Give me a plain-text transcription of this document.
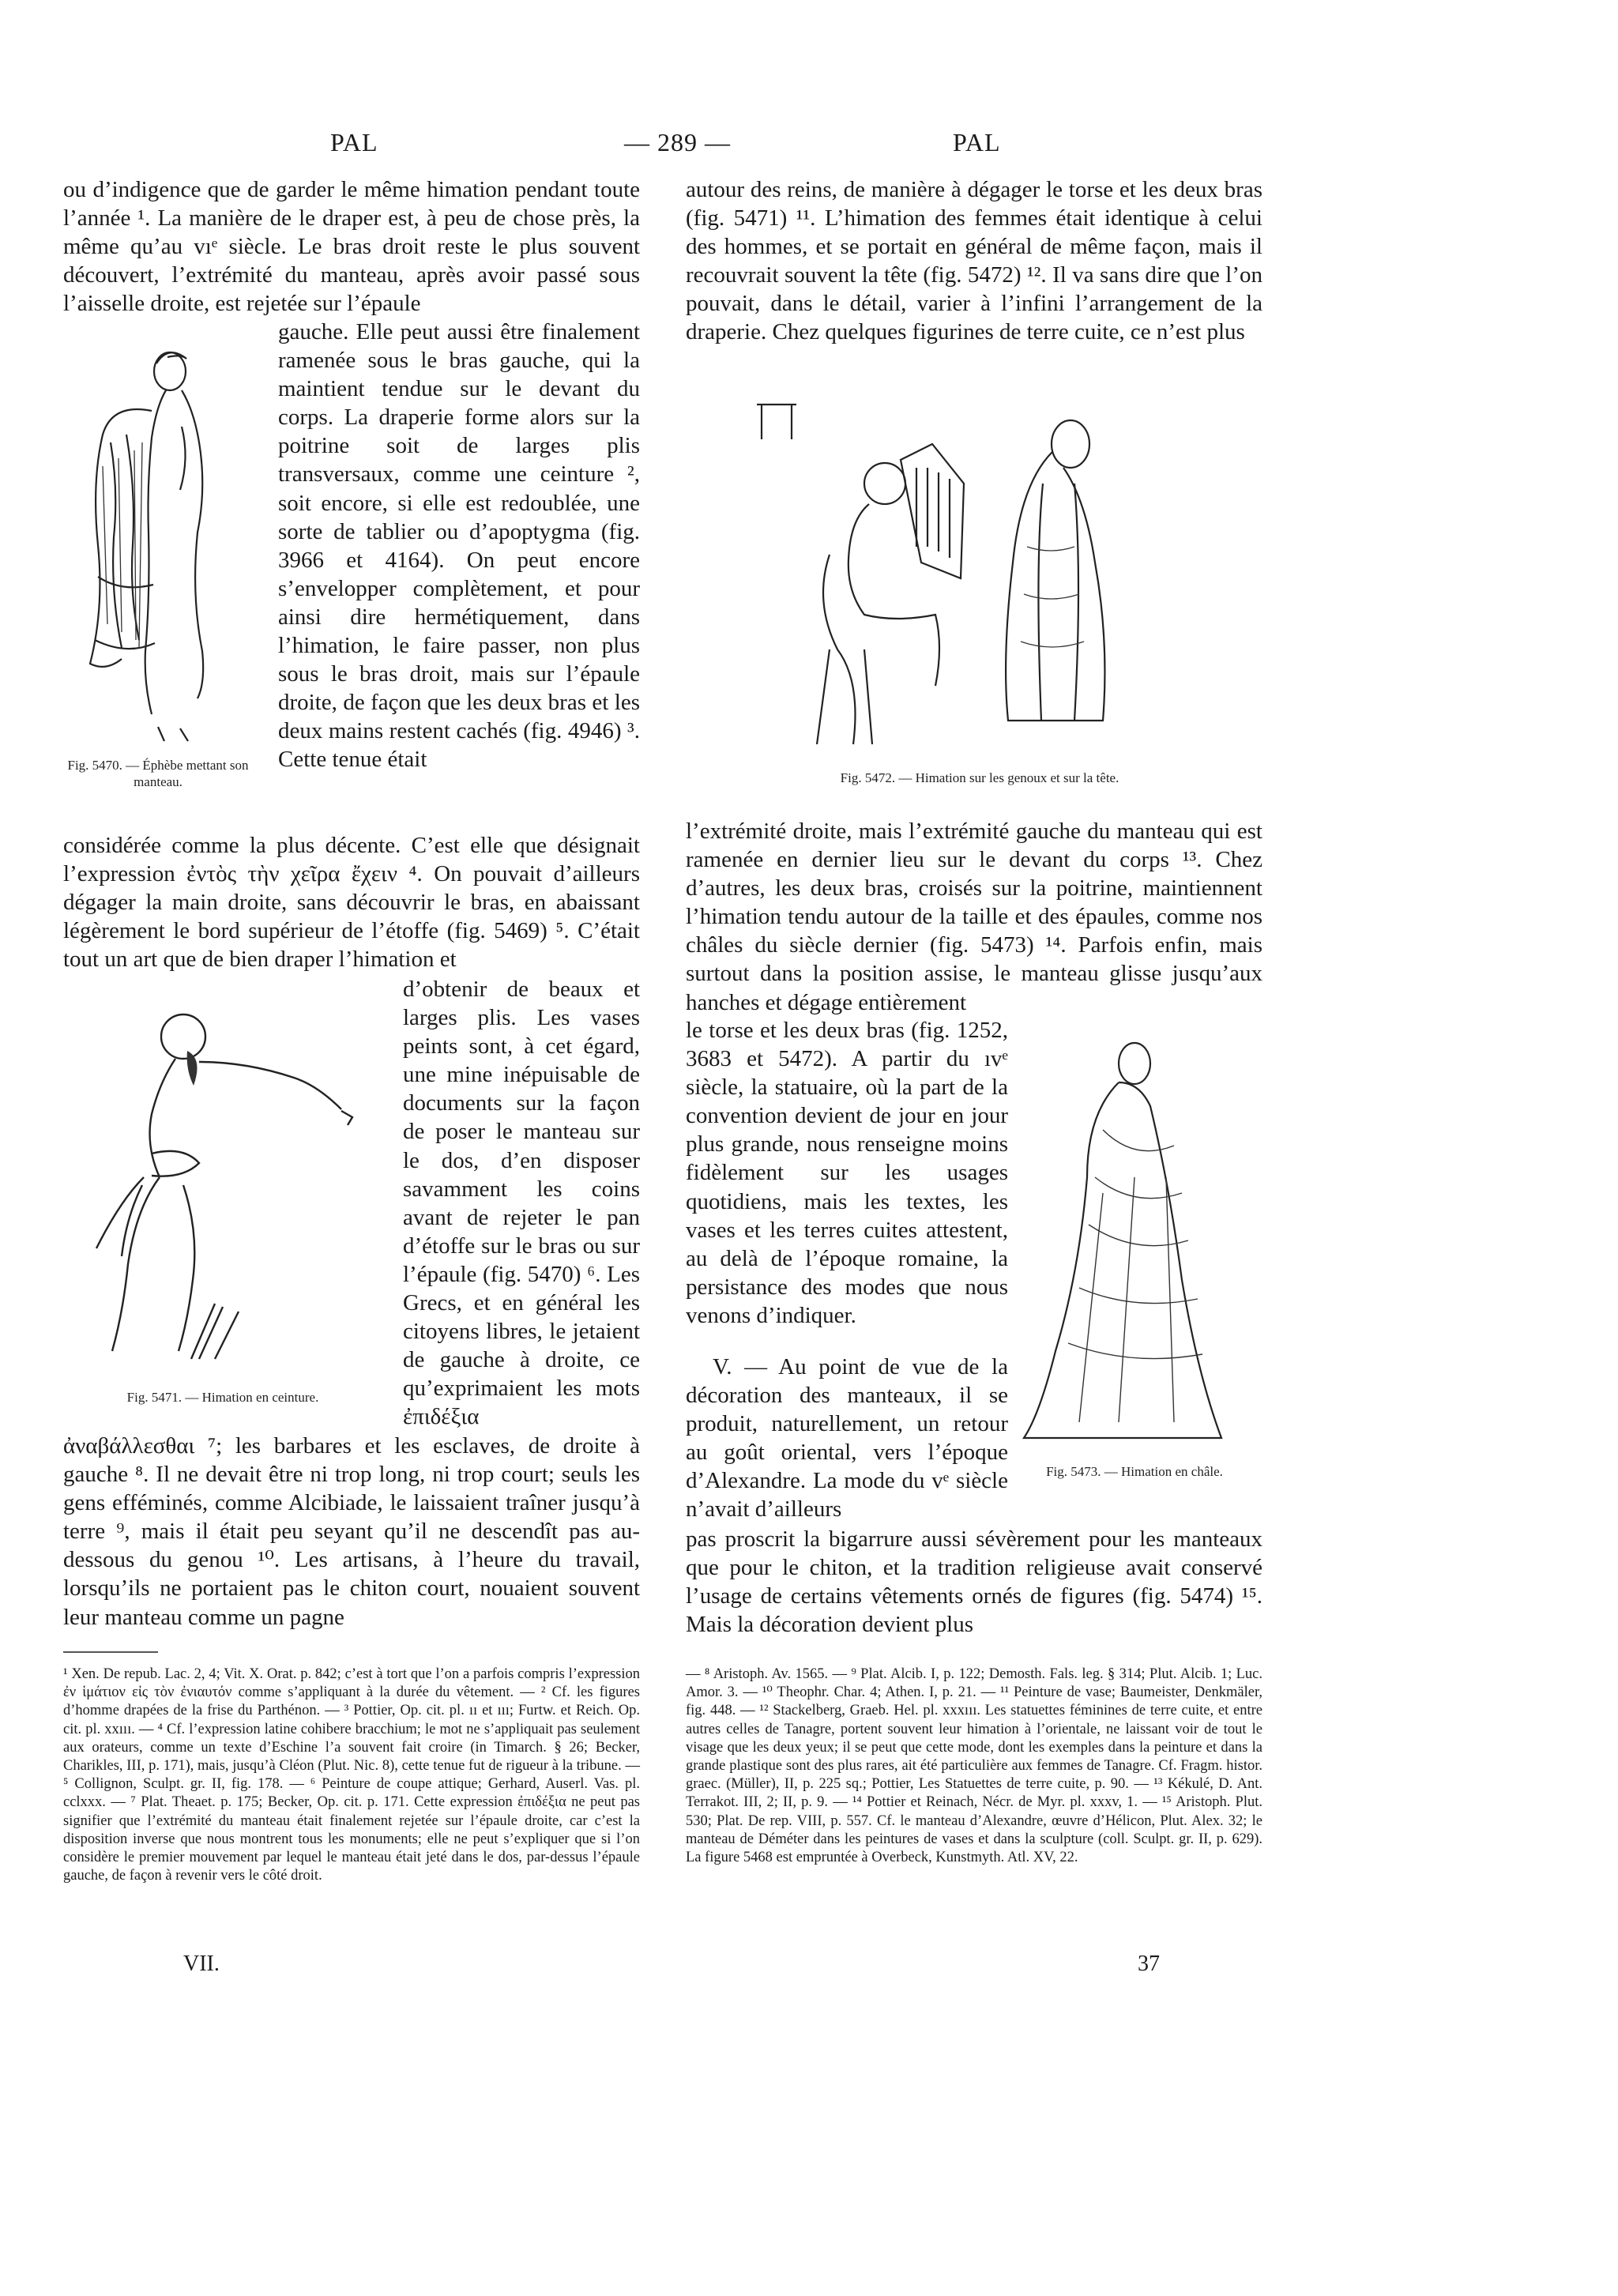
PAL	— 289 —	PAL
ou d’indigence que de garder le même himation pendant toute l’année ¹. La manière de le draper est, à peu de chose près, la même qu’au vıᵉ siècle. Le bras droit reste le plus souvent découvert, l’extrémité du manteau, après avoir passé sous l’aisselle droite, est rejetée sur l’épaule
Fig. 5470. — Éphèbe mettant son manteau.
gauche. Elle peut aussi être finalement ramenée sous le bras gauche, qui la maintient tendue sur le devant du corps. La draperie forme alors sur la poitrine soit de larges plis transversaux, comme une ceinture ², soit encore, si elle est redoublée, une sorte de tablier ou d’apoptygma (fig. 3966 et 4164). On peut encore s’envelopper complètement, et pour ainsi dire hermétiquement, dans l’himation, le faire passer, non plus sous le bras droit, mais sur l’épaule droite, de façon que les deux bras et les deux mains restent cachés (fig. 4946) ³. Cette tenue était
considérée comme la plus décente. C’est elle que désignait l’expression ἐντὸς τὴν χεῖρα ἔχειν ⁴. On pouvait d’ailleurs dégager la main droite, sans découvrir le bras, en abaissant légèrement le bord supérieur de l’étoffe (fig. 5469) ⁵. C’était tout un art que de bien draper l’himation et
Fig. 5471. — Himation en ceinture.
d’obtenir de beaux et larges plis. Les vases peints sont, à cet égard, une mine inépuisable de documents sur la façon de poser le manteau sur le dos, d’en disposer savamment les coins avant de rejeter le pan d’étoffe sur le bras ou sur l’épaule (fig. 5470) ⁶. Les Grecs, et en général les citoyens libres, le jetaient de gauche à droite, ce qu’exprimaient les mots ἐπιδέξια
ἀναβάλλεσθαι ⁷; les barbares et les esclaves, de droite à gauche ⁸. Il ne devait être ni trop long, ni trop court; seuls les gens efféminés, comme Alcibiade, le laissaient traîner jusqu’à terre ⁹, mais il était peu seyant qu’il ne descendît pas au-dessous du genou ¹⁰. Les artisans, à l’heure du travail, lorsqu’ils ne portaient pas le chiton court, nouaient souvent leur manteau comme un pagne
autour des reins, de manière à dégager le torse et les deux bras (fig. 5471) ¹¹. L’himation des femmes était identique à celui des hommes, et se portait en général de même façon, mais il recouvrait souvent la tête (fig. 5472) ¹². Il va sans dire que l’on pouvait, dans le détail, varier à l’infini l’arrangement de la draperie. Chez quelques figurines de terre cuite, ce n’est plus
Fig. 5472. — Himation sur les genoux et sur la tête.
l’extrémité droite, mais l’extrémité gauche du manteau qui est ramenée en dernier lieu sur le devant du corps ¹³. Chez d’autres, les deux bras, croisés sur la poitrine, maintiennent l’himation tendu autour de la taille et des épaules, comme nos châles du siècle dernier (fig. 5473) ¹⁴. Parfois enfin, mais surtout dans la position assise, le manteau glisse jusqu’aux hanches et dégage entièrement
le torse et les deux bras (fig. 1252, 3683 et 5472). A partir du ıvᵉ siècle, la statuaire, où la part de la convention devient de jour en jour plus grande, nous renseigne moins fidèlement sur les usages quotidiens, mais les textes, les vases et les terres cuites attestent, au delà de l’époque romaine, la persistance des modes que nous venons d’indiquer.
V. — Au point de vue de la décoration des manteaux, il se produit, naturellement, un retour au goût oriental, vers l’époque d’Alexandre. La mode du vᵉ siècle n’avait d’ailleurs
Fig. 5473. — Himation en châle.
pas proscrit la bigarrure aussi sévèrement pour les manteaux que pour le chiton, et la tradition religieuse avait conservé l’usage de certains vêtements ornés de figures (fig. 5474) ¹⁵. Mais la décoration devient plus
¹ Xen. De repub. Lac. 2, 4; Vit. X. Orat. p. 842; c’est à tort que l’on a parfois compris l’expression ἐν ἱμάτιον εἰς τὸν ἐνιαυτόν comme s’appliquant à la durée du vêtement. — ² Cf. les figures d’homme drapées de la frise du Parthénon. — ³ Pottier, Op. cit. pl. ıı et ııı; Furtw. et Reich. Op. cit. pl. xxııı. — ⁴ Cf. l’expression latine cohibere bracchium; le mot ne s’appliquait pas seulement aux orateurs, comme un texte d’Eschine l’a souvent fait croire (in Timarch. § 26; Becker, Charikles, III, p. 171), mais, jusqu’à Cléon (Plut. Nic. 8), cette tenue fut de rigueur à la tribune. — ⁵ Collignon, Sculpt. gr. II, fig. 178. — ⁶ Peinture de coupe attique; Gerhard, Auserl. Vas. pl. cclxxx. — ⁷ Plat. Theaet. p. 175; Becker, Op. cit. p. 171. Cette expression ἐπιδέξια ne peut pas signifier que l’extrémité du manteau était finalement rejetée sur l’épaule droite, car c’est la disposition inverse que nous montrent tous les monuments; elle ne peut s’expliquer que si l’on considère le premier mouvement par lequel le manteau était jeté dans le dos, par-dessus l’épaule gauche, de façon à revenir vers le côté droit.
— ⁸ Aristoph. Av. 1565. — ⁹ Plat. Alcib. I, p. 122; Demosth. Fals. leg. § 314; Plut. Alcib. 1; Luc. Amor. 3. — ¹⁰ Theophr. Char. 4; Athen. I, p. 21. — ¹¹ Peinture de vase; Baumeister, Denkmäler, fig. 448. — ¹² Stackelberg, Graeb. Hel. pl. xxxııı. Les statuettes féminines de terre cuite, et entre autres celles de Tanagre, portent souvent leur himation à l’orientale, ne laissant voir de tout le visage que les deux yeux; il se peut que cette mode, dont les exemples dans la peinture et dans la grande plastique sont des plus rares, ait été particulière aux femmes de Tanagre. Cf. Fragm. histor. graec. (Müller), II, p. 225 sq.; Pottier, Les Statuettes de terre cuite, p. 90. — ¹³ Kékulé, D. Ant. Terrakot. III, 2; II, p. 9. — ¹⁴ Pottier et Reinach, Nécr. de Myr. pl. xxxv, 1. — ¹⁵ Aristoph. Plut. 530; Plat. De rep. VIII, p. 557. Cf. le manteau d’Alexandre, œuvre d’Hélicon, Plut. Alex. 32; le manteau de Déméter dans les peintures de vases et dans la sculpture (coll. Sculpt. gr. II, p. 629). La figure 5468 est empruntée à Overbeck, Kunstmyth. Atl. XV, 22.
VII.	37
